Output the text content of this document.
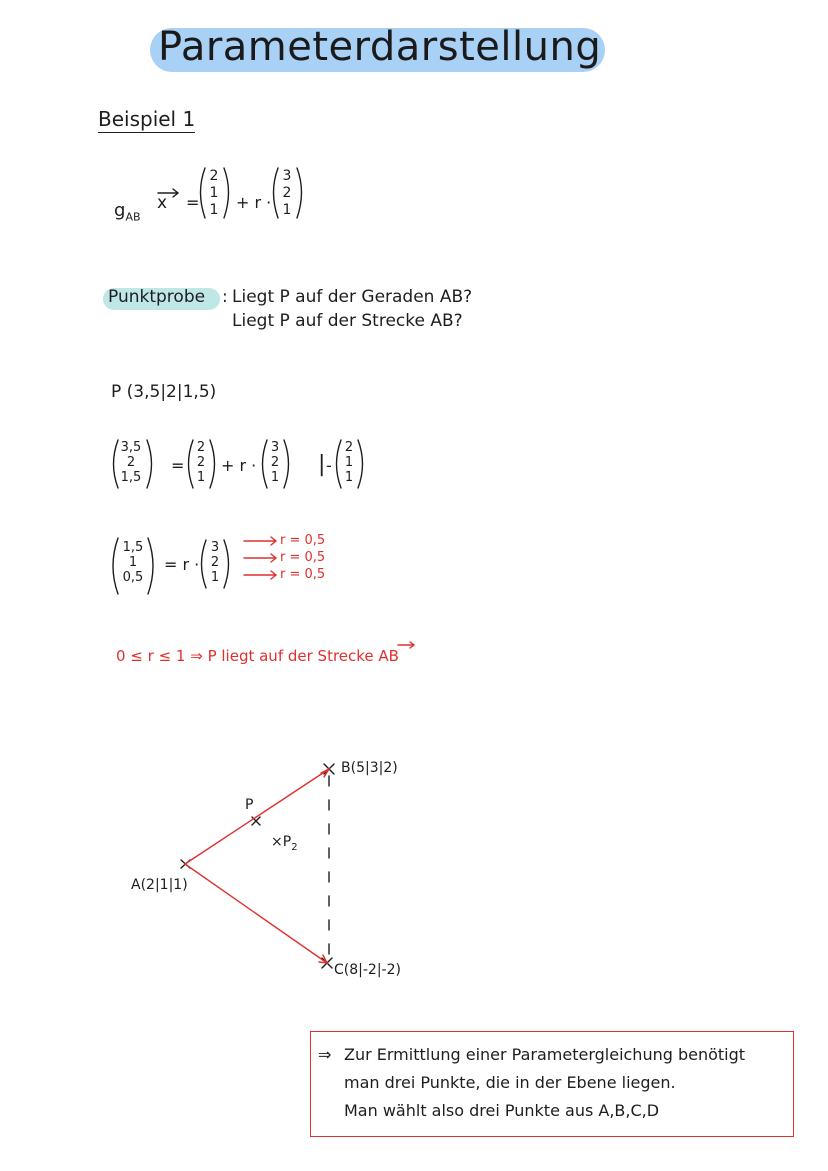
Parameterdarstellung
Beispiel 1
$g_{AB}$
x = + r ·
2
1
1
3
2
1
Punktprobe : Liegt P auf der Geraden AB?
Liegt P auf der Strecke AB?
P (3,5|2|1,5)
3,5
2
1,5
=
2
2
1
+ r ·
3
2
1
| -
2
1
1
1,5
1
0,5
= r ·
3
2
1
r = 0,5
r = 0,5
r = 0,5
0 ≤ r ≤ 1 ⇒ P liegt auf der Strecke AB
B(5|3|2)
A(2|1|1)
C(8|-2|-2)
P
$\times P_2$
⇒ Zur Ermittlung einer Parametergleichung benötigt
man drei Punkte, die in der Ebene liegen.
Man wählt also drei Punkte aus A,B,C,D
